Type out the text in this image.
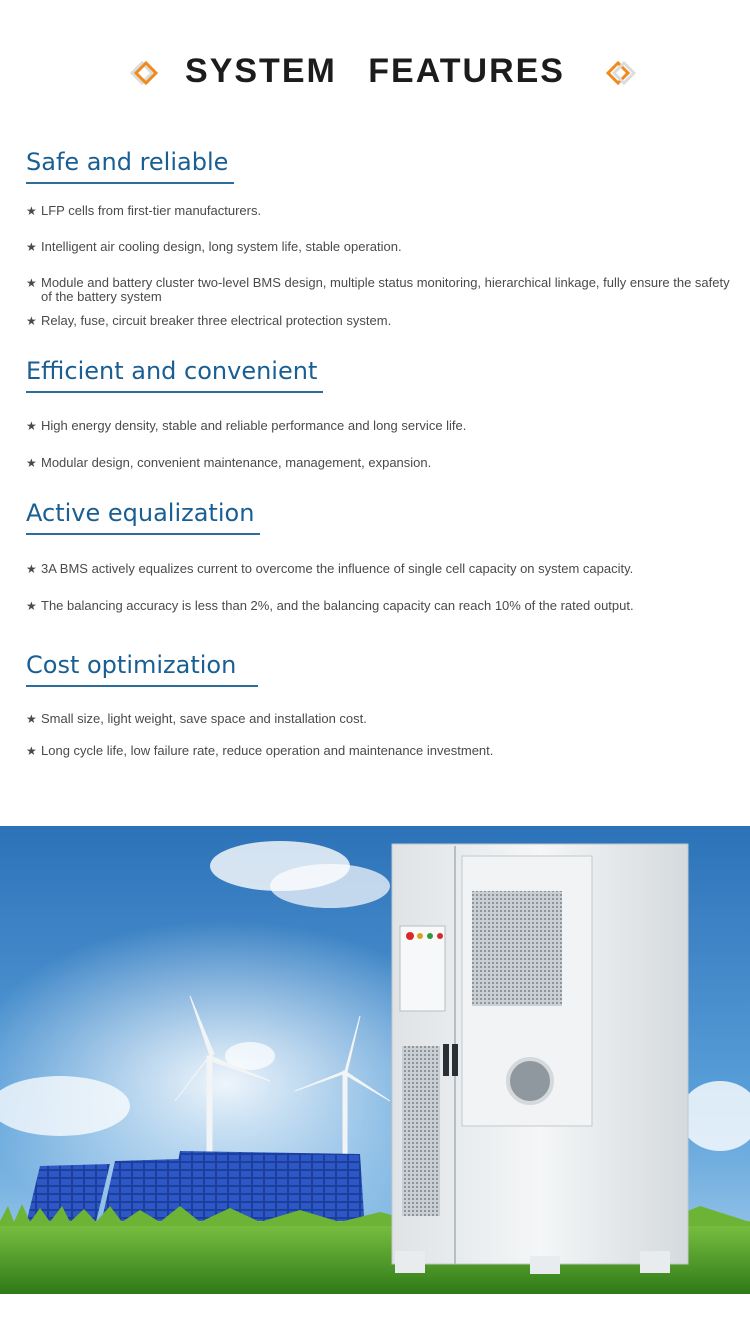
SYSTEM FEATURES
Safe and reliable
★ LFP cells from first-tier manufacturers.
★ Intelligent air cooling design, long system life, stable operation.
★ Module and battery cluster two-level BMS design, multiple status monitoring, hierarchical linkage, fully ensure the safety of the battery system
★ Relay, fuse, circuit breaker three electrical protection system.
Efficient and convenient
★ High energy density, stable and reliable performance and long service life.
★ Modular design, convenient maintenance, management, expansion.
Active equalization
★ 3A BMS actively equalizes current to overcome the influence of single cell capacity on system capacity.
★ The balancing accuracy is less than 2%, and the balancing capacity can reach 10% of the rated output.
Cost optimization
★ Small size, light weight, save space and installation cost.
★ Long cycle life, low failure rate, reduce operation and maintenance investment.
